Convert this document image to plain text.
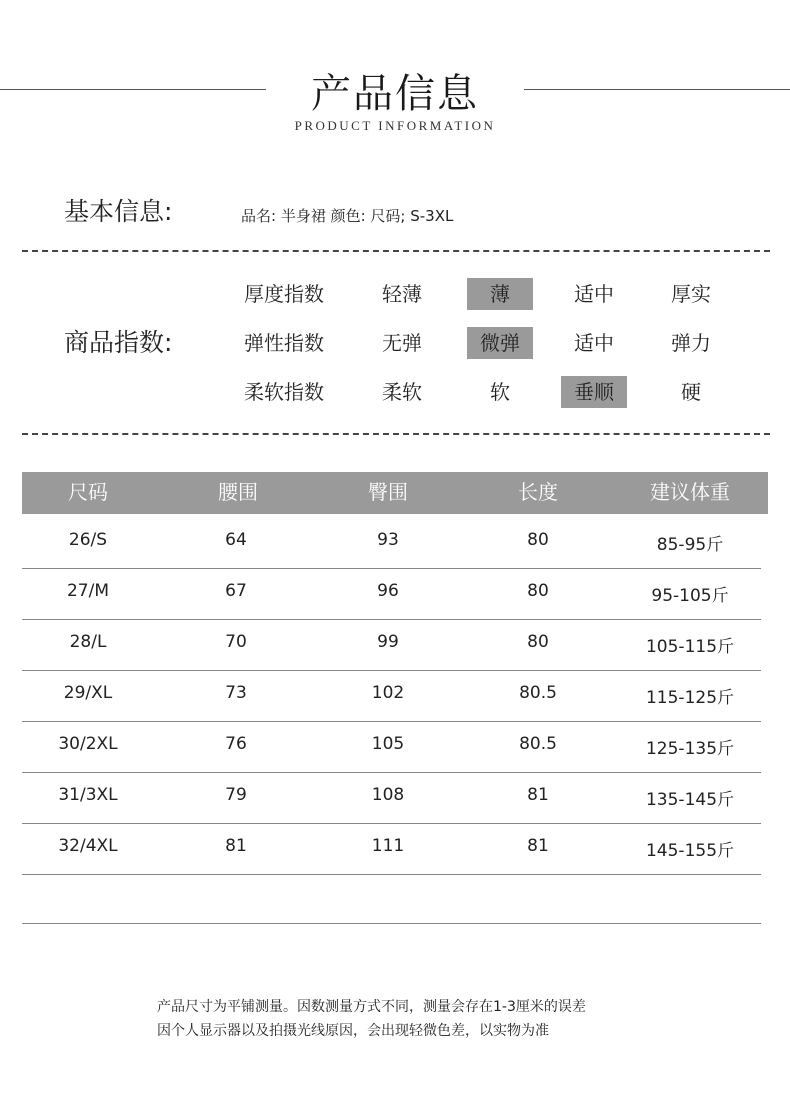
产品信息
PRODUCT INFORMATION
基本信息:	品名: 半身裙 颜色: 尺码; S-3XL
商品指数:
厚度指数	轻薄	薄	适中	厚实
弹性指数	无弹	微弹	适中	弹力
柔软指数	柔软	软	垂顺	硬
尺码	腰围	臀围	长度	建议体重
26/S	64	93	80	85-95斤
27/M	67	96	80	95-105斤
28/L	70	99	80	105-115斤
29/XL	73	102	80.5	115-125斤
30/2XL	76	105	80.5	125-135斤
31/3XL	79	108	81	135-145斤
32/4XL	81	111	81	145-155斤
产品尺寸为平铺测量。因数测量方式不同，测量会存在1-3厘米的误差
因个人显示器以及拍摄光线原因，会出现轻微色差，以实物为准
